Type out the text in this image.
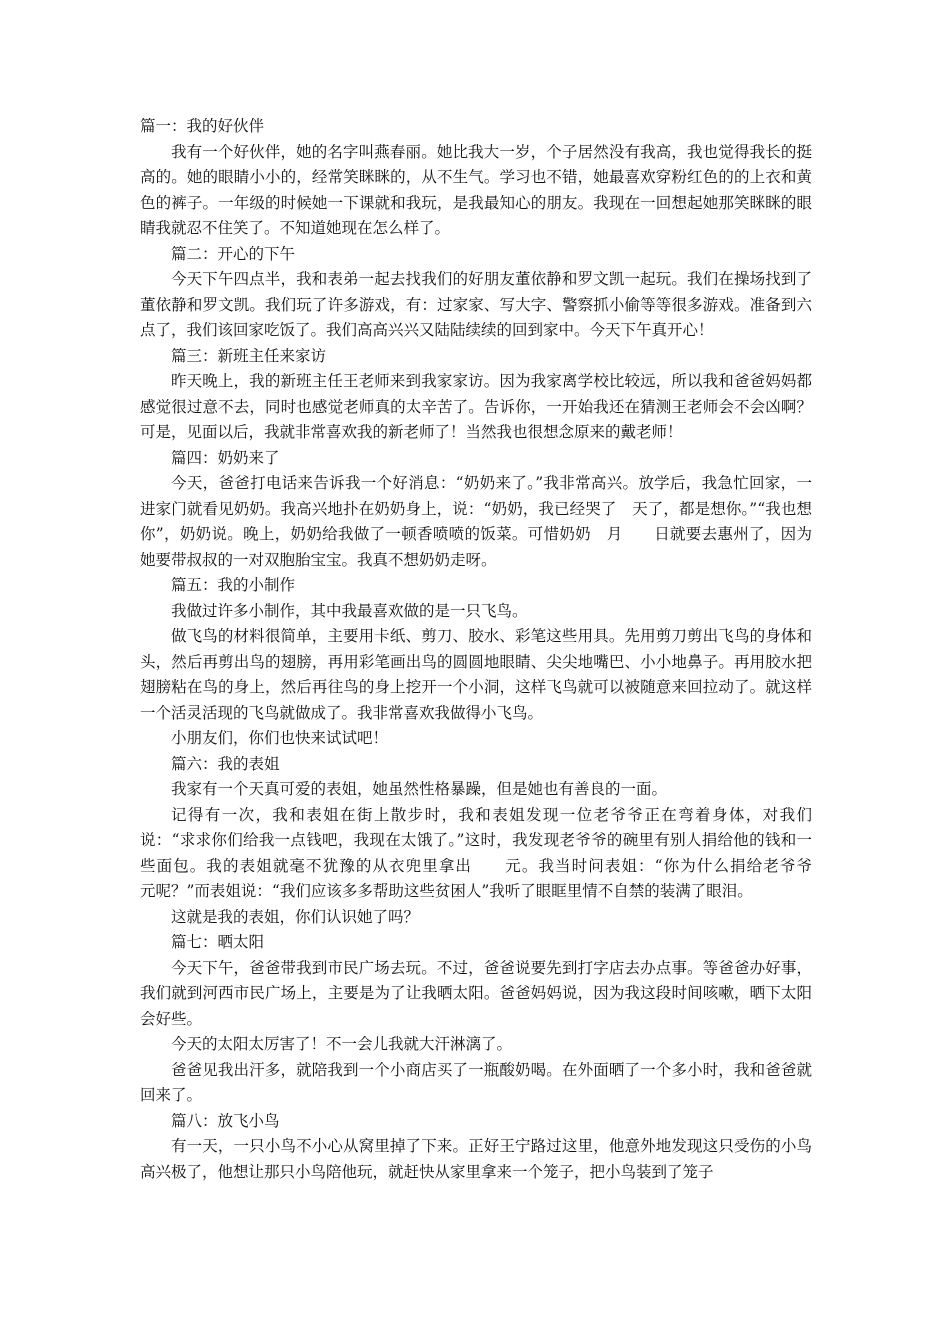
篇一：我的好伙伴

我有一个好伙伴，她的名字叫燕春丽。她比我大一岁，个子居然没有我高，我也觉得我长的挺高的。她的眼睛小小的，经常笑眯眯的，从不生气。学习也不错，她最喜欢穿粉红色的的上衣和黄色的裤子。一年级的时候她一下课就和我玩，是我最知心的朋友。我现在一回想起她那笑眯眯的眼睛我就忍不住笑了。不知道她现在怎么样了。

篇二：开心的下午

今天下午四点半，我和表弟一起去找我们的好朋友董依静和罗文凯一起玩。我们在操场找到了董依静和罗文凯。我们玩了许多游戏，有：过家家、写大字、警察抓小偷等等很多游戏。准备到六点了，我们该回家吃饭了。我们高高兴兴又陆陆续续的回到家中。今天下午真开心！

篇三：新班主任来家访

昨天晚上，我的新班主任王老师来到我家家访。因为我家离学校比较远，所以我和爸爸妈妈都感觉很过意不去，同时也感觉老师真的太辛苦了。告诉你，一开始我还在猜测王老师会不会凶啊？可是，见面以后，我就非常喜欢我的新老师了！当然我也很想念原来的戴老师！

篇四：奶奶来了

今天，爸爸打电话来告诉我一个好消息：“奶奶来了。”我非常高兴。放学后，我急忙回家，一进家门就看见奶奶。我高兴地扑在奶奶身上，说：“奶奶，我已经哭了　天了，都是想你。”“我也想你”，奶奶说。晚上，奶奶给我做了一顿香喷喷的饭菜。可惜奶奶　月　　日就要去惠州了，因为她要带叔叔的一对双胞胎宝宝。我真不想奶奶走呀。

篇五：我的小制作

我做过许多小制作，其中我最喜欢做的是一只飞鸟。

做飞鸟的材料很简单，主要用卡纸、剪刀、胶水、彩笔这些用具。先用剪刀剪出飞鸟的身体和头，然后再剪出鸟的翅膀，再用彩笔画出鸟的圆圆地眼睛、尖尖地嘴巴、小小地鼻子。再用胶水把翅膀粘在鸟的身上，然后再往鸟的身上挖开一个小洞，这样飞鸟就可以被随意来回拉动了。就这样一个活灵活现的飞鸟就做成了。我非常喜欢我做得小飞鸟。

小朋友们，你们也快来试试吧！

篇六：我的表姐

我家有一个天真可爱的表姐，她虽然性格暴躁，但是她也有善良的一面。

记得有一次，我和表姐在街上散步时，我和表姐发现一位老爷爷正在弯着身体，对我们说：“求求你们给我一点钱吧，我现在太饿了。”这时，我发现老爷爷的碗里有别人捐给他的钱和一些面包。我的表姐就毫不犹豫的从衣兜里拿出　　元。我当时问表姐：“你为什么捐给老爷爷　　元呢？”而表姐说：“我们应该多多帮助这些贫困人”我听了眼眶里情不自禁的装满了眼泪。

这就是我的表姐，你们认识她了吗？

篇七：晒太阳

今天下午，爸爸带我到市民广场去玩。不过，爸爸说要先到打字店去办点事。等爸爸办好事，我们就到河西市民广场上，主要是为了让我晒太阳。爸爸妈妈说，因为我这段时间咳嗽，晒下太阳会好些。

今天的太阳太厉害了！不一会儿我就大汗淋漓了。

爸爸见我出汗多，就陪我到一个小商店买了一瓶酸奶喝。在外面晒了一个多小时，我和爸爸就回来了。

篇八：放飞小鸟

有一天，一只小鸟不小心从窝里掉了下来。正好王宁路过这里，他意外地发现这只受伤的小鸟高兴极了，他想让那只小鸟陪他玩，就赶快从家里拿来一个笼子，把小鸟装到了笼子
